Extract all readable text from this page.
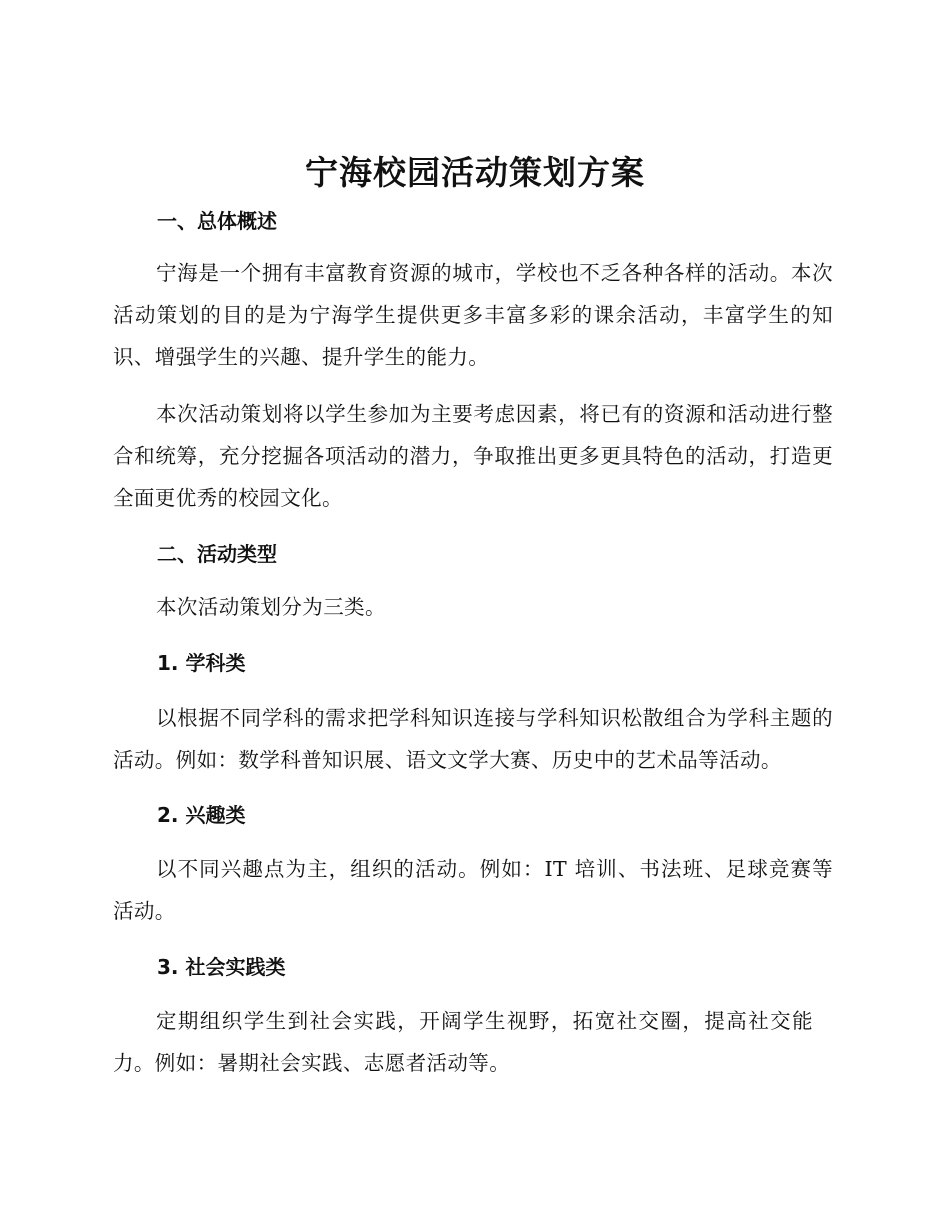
宁海校园活动策划方案
一、总体概述

宁海是一个拥有丰富教育资源的城市，学校也不乏各种各样的活动。本次活动策划的目的是为宁海学生提供更多丰富多彩的课余活动，丰富学生的知识、增强学生的兴趣、提升学生的能力。

本次活动策划将以学生参加为主要考虑因素，将已有的资源和活动进行整合和统筹，充分挖掘各项活动的潜力，争取推出更多更具特色的活动，打造更全面更优秀的校园文化。

二、活动类型

本次活动策划分为三类。

1. 学科类

以根据不同学科的需求把学科知识连接与学科知识松散组合为学科主题的活动。例如：数学科普知识展、语文文学大赛、历史中的艺术品等活动。

2. 兴趣类

以不同兴趣点为主，组织的活动。例如：IT 培训、书法班、足球竞赛等活动。

3. 社会实践类

定期组织学生到社会实践，开阔学生视野，拓宽社交圈，提高社交能力。例如：暑期社会实践、志愿者活动等。
